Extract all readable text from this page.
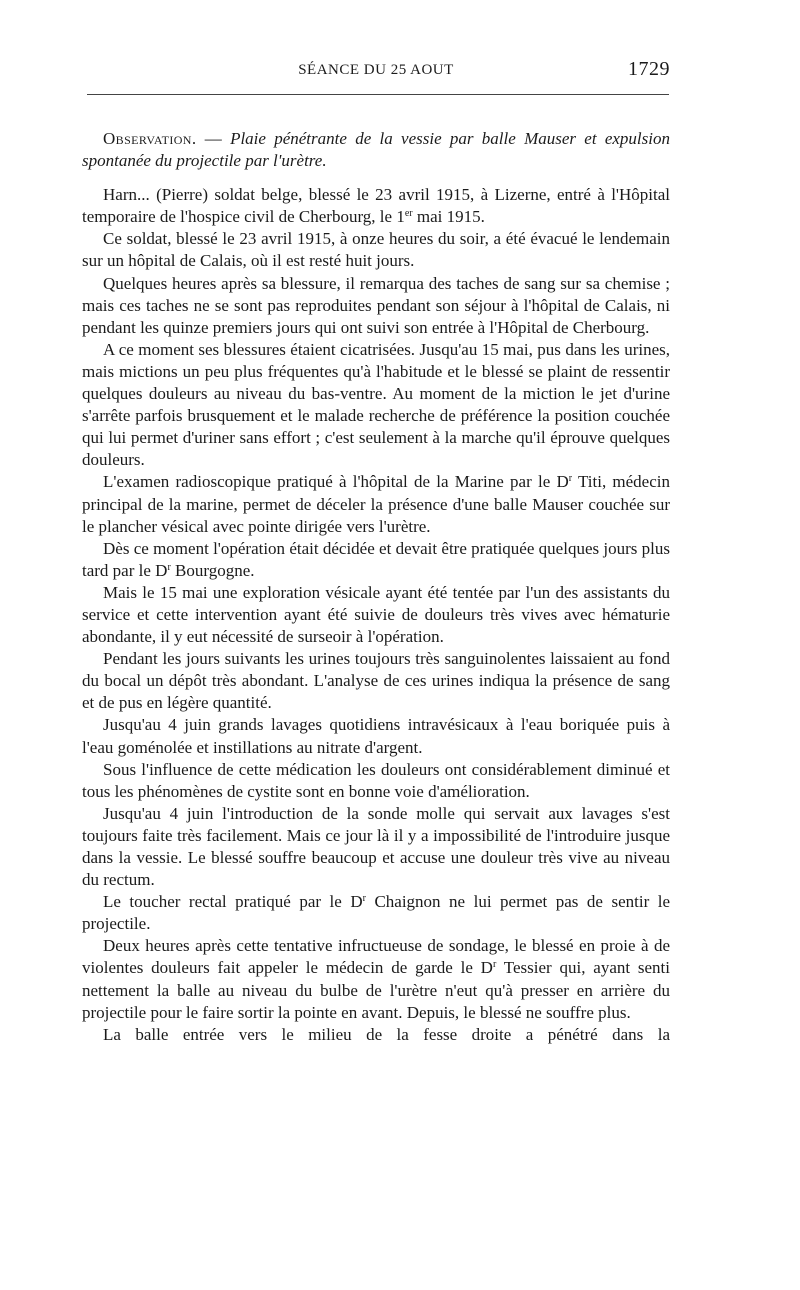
SÉANCE DU 25 AOUT	1729

Observation. — Plaie pénétrante de la vessie par balle Mauser et expulsion spontanée du projectile par l'urètre.

Harn... (Pierre) soldat belge, blessé le 23 avril 1915, à Lizerne, entré à l'Hôpital temporaire de l'hospice civil de Cherbourg, le 1er mai 1915.

Ce soldat, blessé le 23 avril 1915, à onze heures du soir, a été évacué le lendemain sur un hôpital de Calais, où il est resté huit jours.

Quelques heures après sa blessure, il remarqua des taches de sang sur sa chemise ; mais ces taches ne se sont pas reproduites pendant son séjour à l'hôpital de Calais, ni pendant les quinze premiers jours qui ont suivi son entrée à l'Hôpital de Cherbourg.

A ce moment ses blessures étaient cicatrisées. Jusqu'au 15 mai, pus dans les urines, mais mictions un peu plus fréquentes qu'à l'habitude et le blessé se plaint de ressentir quelques douleurs au niveau du bas-ventre. Au moment de la miction le jet d'urine s'arrête parfois brusquement et le malade recherche de préférence la position couchée qui lui permet d'uriner sans effort ; c'est seulement à la marche qu'il éprouve quelques douleurs.

L'examen radioscopique pratiqué à l'hôpital de la Marine par le $D^r$ Titi, médecin principal de la marine, permet de déceler la présence d'une balle Mauser couchée sur le plancher vésical avec pointe dirigée vers l'urètre.

Dès ce moment l'opération était décidée et devait être pratiquée quelques jours plus tard par le $D^r$ Bourgogne.

Mais le 15 mai une exploration vésicale ayant été tentée par l'un des assistants du service et cette intervention ayant été suivie de douleurs très vives avec hématurie abondante, il y eut nécessité de surseoir à l'opération.

Pendant les jours suivants les urines toujours très sanguinolentes laissaient au fond du bocal un dépôt très abondant. L'analyse de ces urines indiqua la présence de sang et de pus en légère quantité.

Jusqu'au 4 juin grands lavages quotidiens intravésicaux à l'eau boriquée puis à l'eau goménolée et instillations au nitrate d'argent.

Sous l'influence de cette médication les douleurs ont considérablement diminué et tous les phénomènes de cystite sont en bonne voie d'amélioration.

Jusqu'au 4 juin l'introduction de la sonde molle qui servait aux lavages s'est toujours faite très facilement. Mais ce jour là il y a impossibilité de l'introduire jusque dans la vessie. Le blessé souffre beaucoup et accuse une douleur très vive au niveau du rectum.

Le toucher rectal pratiqué par le $D^r$ Chaignon ne lui permet pas de sentir le projectile.

Deux heures après cette tentative infructueuse de sondage, le blessé en proie à de violentes douleurs fait appeler le médecin de garde le $D^r$ Tessier qui, ayant senti nettement la balle au niveau du bulbe de l'urètre n'eut qu'à presser en arrière du projectile pour le faire sortir la pointe en avant. Depuis, le blessé ne souffre plus.

La balle entrée vers le milieu de la fesse droite a pénétré dans la
